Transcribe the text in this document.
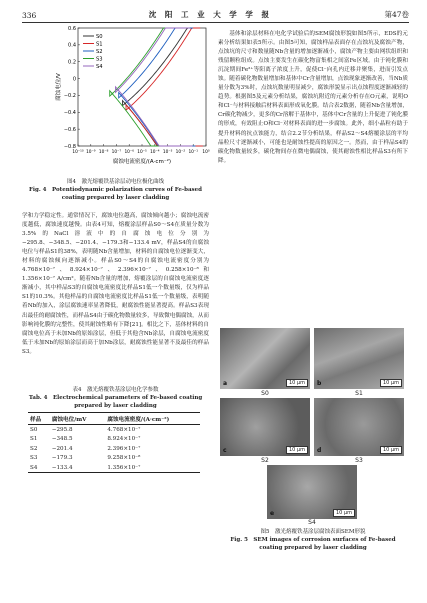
336	沈 阳 工 业 大 学 学 报	第47卷
0.6
0.4
0.2
0
−0.2
−0.4
−0.6
−0.8
10⁻¹⁰ 10⁻⁹ 10⁻⁸ 10⁻⁷ 10⁻⁶ 10⁻⁵ 10⁻⁴ 10⁻³ 10⁻² 10⁻¹ 10⁰
腐蚀电位/V
腐蚀电流密度/(A·cm⁻²)
S0
S1
S2
S3
S4
图4　激光熔覆铁基涂层动电位极化曲线
Fig. 4　Potentiodynamic polarization curves of Fe-based coating prepared by laser cladding

学和力学稳定性。通常情况下，腐蚀电位越高，腐蚀倾向越小；腐蚀电流密度越低，腐蚀速度越慢。由表4可知，熔覆涂层样品S0～S4在质量分数为3.5%的NaCl溶液中的自腐蚀电位分别为−295.8、−348.5、−201.4、−179.3和−133.4 mV，样品S4的自腐蚀电位与样品S1的38%，表明随Nb含量增加，材料的自腐蚀电位逐渐变大，材料的腐蚀倾向逐渐减小。样品S0～S4的自腐蚀电流密度分别为4.768×10⁻⁷、8.924×10⁻⁷、2.396×10⁻⁷、0.258×10⁻⁸和1.356×10⁻⁷ A/cm²。随着Nb含量的增加，熔覆涂层的自腐蚀电流密度逐渐减小，其中样品S3的自腐蚀电流密度比样品S1低一个数量级，仅为样品S1的10.3%。其他样品的自腐蚀电流密度比样品S1低一个数量级，表明随着Nb的加入，涂层腐蚀速率显著降低，耐腐蚀性能显著提高。样品S3表现出最佳的耐腐蚀性，而样品S4由于碳化物数量较多，导致微电偶腐蚀，从而影响钝化膜的完整性，使其耐蚀性略有下降[21]。相比之下，基体材料的自腐蚀电位高于未加Nb的原始涂层，但低于其他含Nb涂层，自腐蚀电流密度低于未加Nb的原始涂层而高于加Nb涂层，耐腐蚀性能显著不及最佳的样品S3。

表4　激光熔覆铁基涂层电化学参数
Tab. 4　Electrochemical parameters of Fe-based coating prepared by laser cladding
样品	腐蚀电位/mV	腐蚀电流密度/(A·cm⁻²)
S0	−295.8	4.768×10⁻⁷
S1	−348.5	8.924×10⁻⁷
S2	−201.4	2.396×10⁻⁷
S3	−179.3	9.258×10⁻⁸
S4	−133.4	1.356×10⁻⁷

基体和涂层材料在电化学试验后的SEM腐蚀形貌如图5所示，EDS的元素分析结果如表5所示。由图5可知，腐蚀样品表面存在点蚀坑及腐蚀产物，点蚀坑的尺寸和数量随Nb含量的增加逐渐减小，腐蚀产物主要由网状组织和残留颗粒组成。点蚀主要发生在碳化物富集相之间富Fe区域。由于钝化膜和沉淀期间Fe²⁺等阳离子浓度上升，促使Cl⁻向孔内迁移并聚集，进而引发点蚀。随着碳化物数量增加和基体中Cr含量增加，点蚀现象逐渐改善，当Nb质量分数为3%时，点蚀坑数量明显减少，腐蚀形貌显示出点蚀程度逐渐减轻的趋势。根据图5及元素分析结果，腐蚀坑附近的元素分析存在O元素，说明O和Cl⁻与材料接触后材料表面形成氧化膜。结合表2数据，随着Nb含量增加，Cr碳化物减少，更多的Cr溶解于基体中，基体中Cr含量的上升促进了钝化膜的形成，有效阻止O和Cl⁻对材料表面的进一步腐蚀。此外，细小晶粒有助于提升材料的抗点蚀能力，结合2.2节分析结果，样品S2～S4熔覆涂层的平均晶粒尺寸逐渐减小，可能也是耐蚀性提高的原因之一。然而，由于样品S4的碳化物数量较多，碳化物间存在微电偶腐蚀，使其耐蚀性相比样品S3有所下降。

a	10 μm	b	10 μm
S0	S1
c	10 μm	d	10 μm
S2	S3
e	10 μm
S4
图5　激光熔覆铁基涂层腐蚀表面SEM形貌
Fig. 5　SEM images of corrosion surfaces of Fe-based coating prepared by laser cladding
